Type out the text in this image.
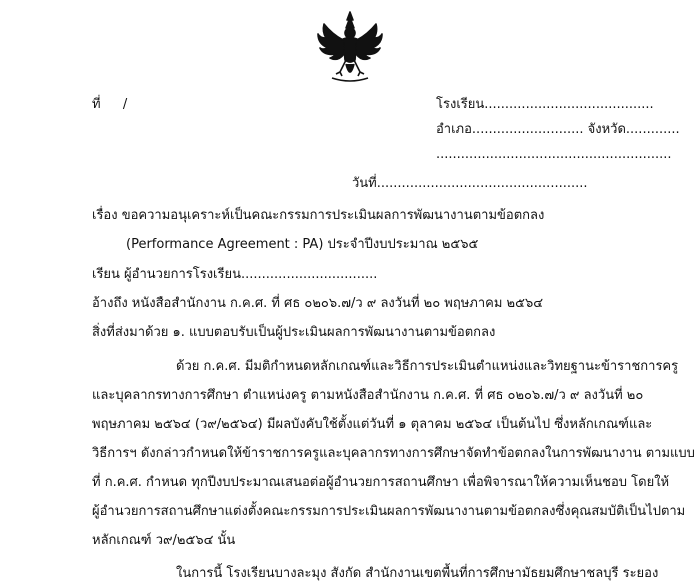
ที่ /	โรงเรียน.........................................
อำเภอ........................... จังหวัด.............
.........................................................
วันที่...................................................
เรื่อง ขอความอนุเคราะห์เป็นคณะกรรมการประเมินผลการพัฒนางานตามข้อตกลง
(Performance Agreement : PA) ประจำปีงบประมาณ ๒๕๖๕
เรียน ผู้อำนวยการโรงเรียน.................................
อ้างถึง หนังสือสำนักงาน ก.ค.ศ. ที่ ศธ ๐๒๐๖.๗/ว ๙ ลงวันที่ ๒๐ พฤษภาคม ๒๕๖๔
สิ่งที่ส่งมาด้วย ๑. แบบตอบรับเป็นผู้ประเมินผลการพัฒนางานตามข้อตกลง
ด้วย ก.ค.ศ. มีมติกำหนดหลักเกณฑ์และวิธีการประเมินตำแหน่งและวิทยฐานะข้าราชการครู
และบุคลากรทางการศึกษา ตำแหน่งครู ตามหนังสือสำนักงาน ก.ค.ศ. ที่ ศธ ๐๒๐๖.๗/ว ๙ ลงวันที่ ๒๐
พฤษภาคม ๒๕๖๔ (ว๙/๒๕๖๔) มีผลบังคับใช้ตั้งแต่วันที่ ๑ ตุลาคม ๒๕๖๔ เป็นต้นไป ซึ่งหลักเกณฑ์และ
วิธีการฯ ดังกล่าวกำหนดให้ข้าราชการครูและบุคลากรทางการศึกษาจัดทำข้อตกลงในการพัฒนางาน ตามแบบ
ที่ ก.ค.ศ. กำหนด ทุกปีงบประมาณเสนอต่อผู้อำนวยการสถานศึกษา เพื่อพิจารณาให้ความเห็นชอบ โดยให้
ผู้อำนวยการสถานศึกษาแต่งตั้งคณะกรรมการประเมินผลการพัฒนางานตามข้อตกลงซึ่งคุณสมบัติเป็นไปตาม
หลักเกณฑ์ ว๙/๒๕๖๔ นั้น
ในการนี้ โรงเรียนบางละมุง สังกัด สำนักงานเขตพื้นที่การศึกษามัธยมศึกษาชลบุรี ระยอง
